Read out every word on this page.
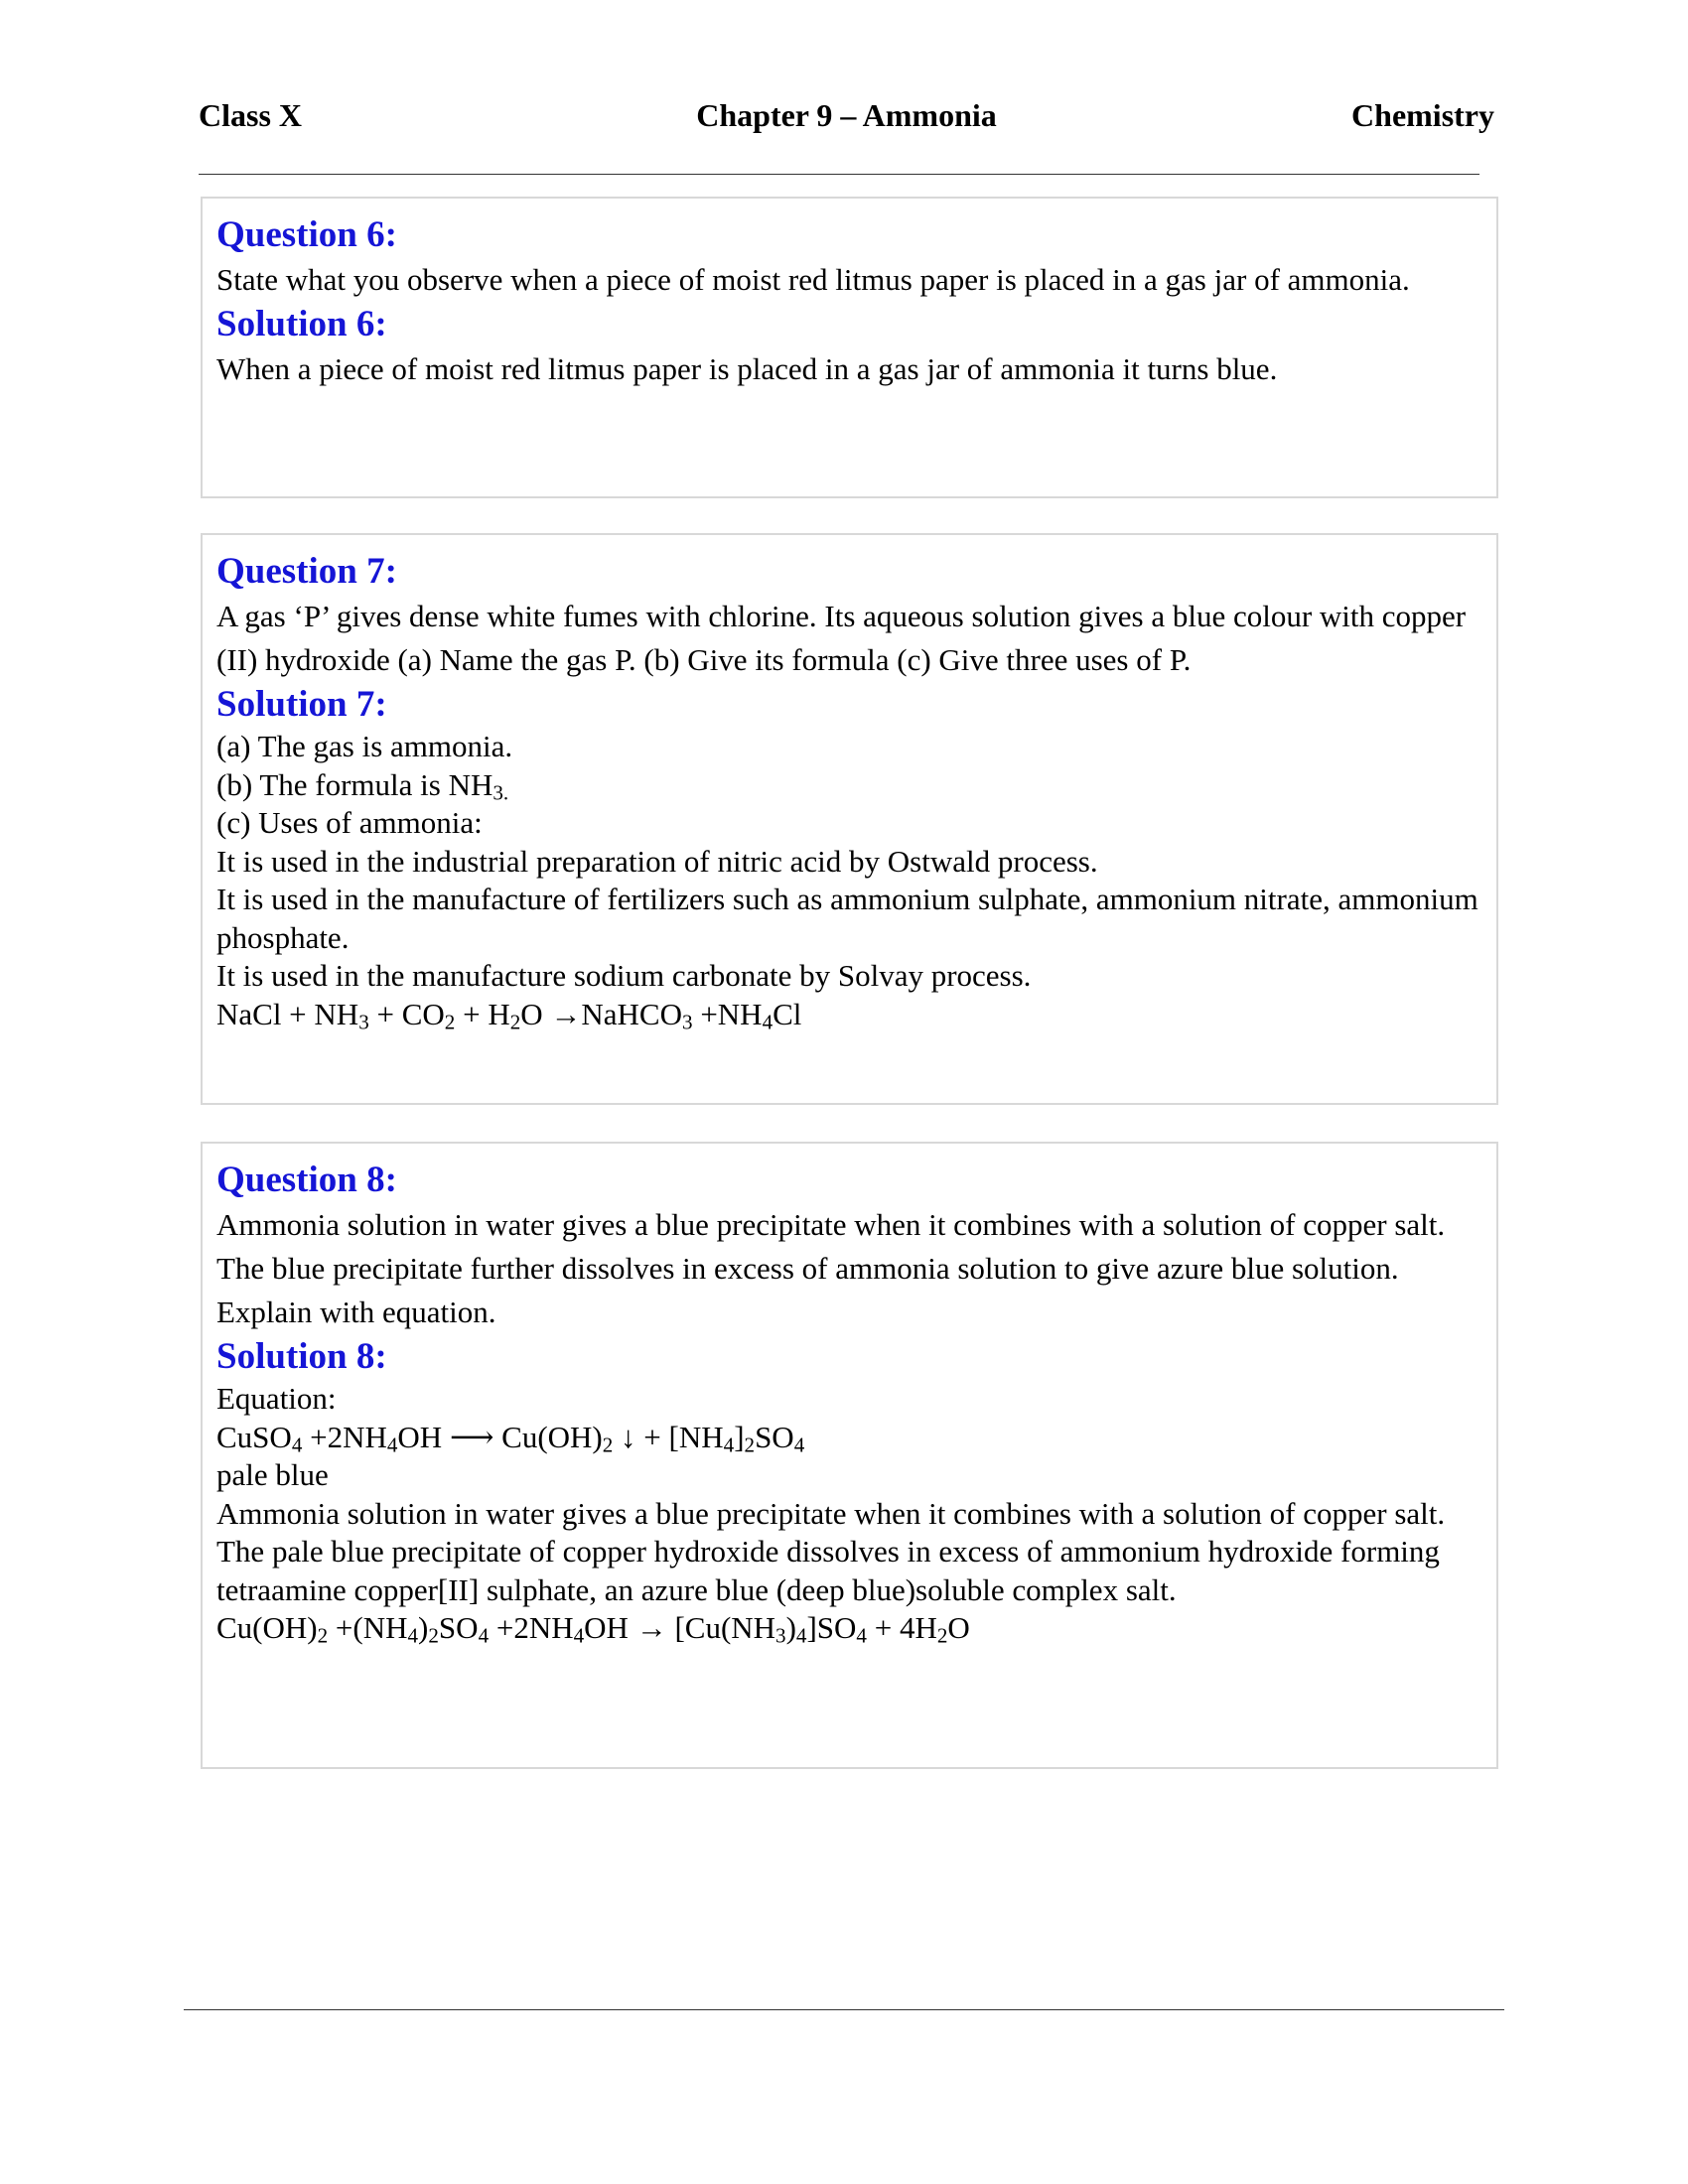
Class X	Chapter 9 – Ammonia	Chemistry
Question 6:
State what you observe when a piece of moist red litmus paper is placed in a gas jar of ammonia.
Solution 6:
When a piece of moist red litmus paper is placed in a gas jar of ammonia it turns blue.
Question 7:
A gas ‘P’ gives dense white fumes with chlorine. Its aqueous solution gives a blue colour with copper (II) hydroxide (a) Name the gas P. (b) Give its formula (c) Give three uses of P.
Solution 7:
(a) The gas is ammonia.
(b) The formula is $NH_{3.}$
(c) Uses of ammonia:
It is used in the industrial preparation of nitric acid by Ostwald process.
It is used in the manufacture of fertilizers such as ammonium sulphate, ammonium nitrate, ammonium phosphate.
It is used in the manufacture sodium carbonate by Solvay process.
NaCl + $NH_3 + CO_2 + H_2O$ →NaHCO$_3$ $+NH_4Cl$
Question 8:
Ammonia solution in water gives a blue precipitate when it combines with a solution of copper salt. The blue precipitate further dissolves in excess of ammonia solution to give azure blue solution. Explain with equation.
Solution 8:
Equation:
CuSO$_4$ $+2NH_4OH$ ⟶ $Cu(OH)_2$ ↓ + $[NH_4]_2SO_4$
pale blue
Ammonia solution in water gives a blue precipitate when it combines with a solution of copper salt.
The pale blue precipitate of copper hydroxide dissolves in excess of ammonium hydroxide forming tetraamine copper[II] sulphate, an azure blue (deep blue)soluble complex salt.
$Cu(OH)_2 +(NH_4)_2SO_4 +2NH_4OH \to [Cu(NH_3)_4]SO_4 + 4H_2O$
